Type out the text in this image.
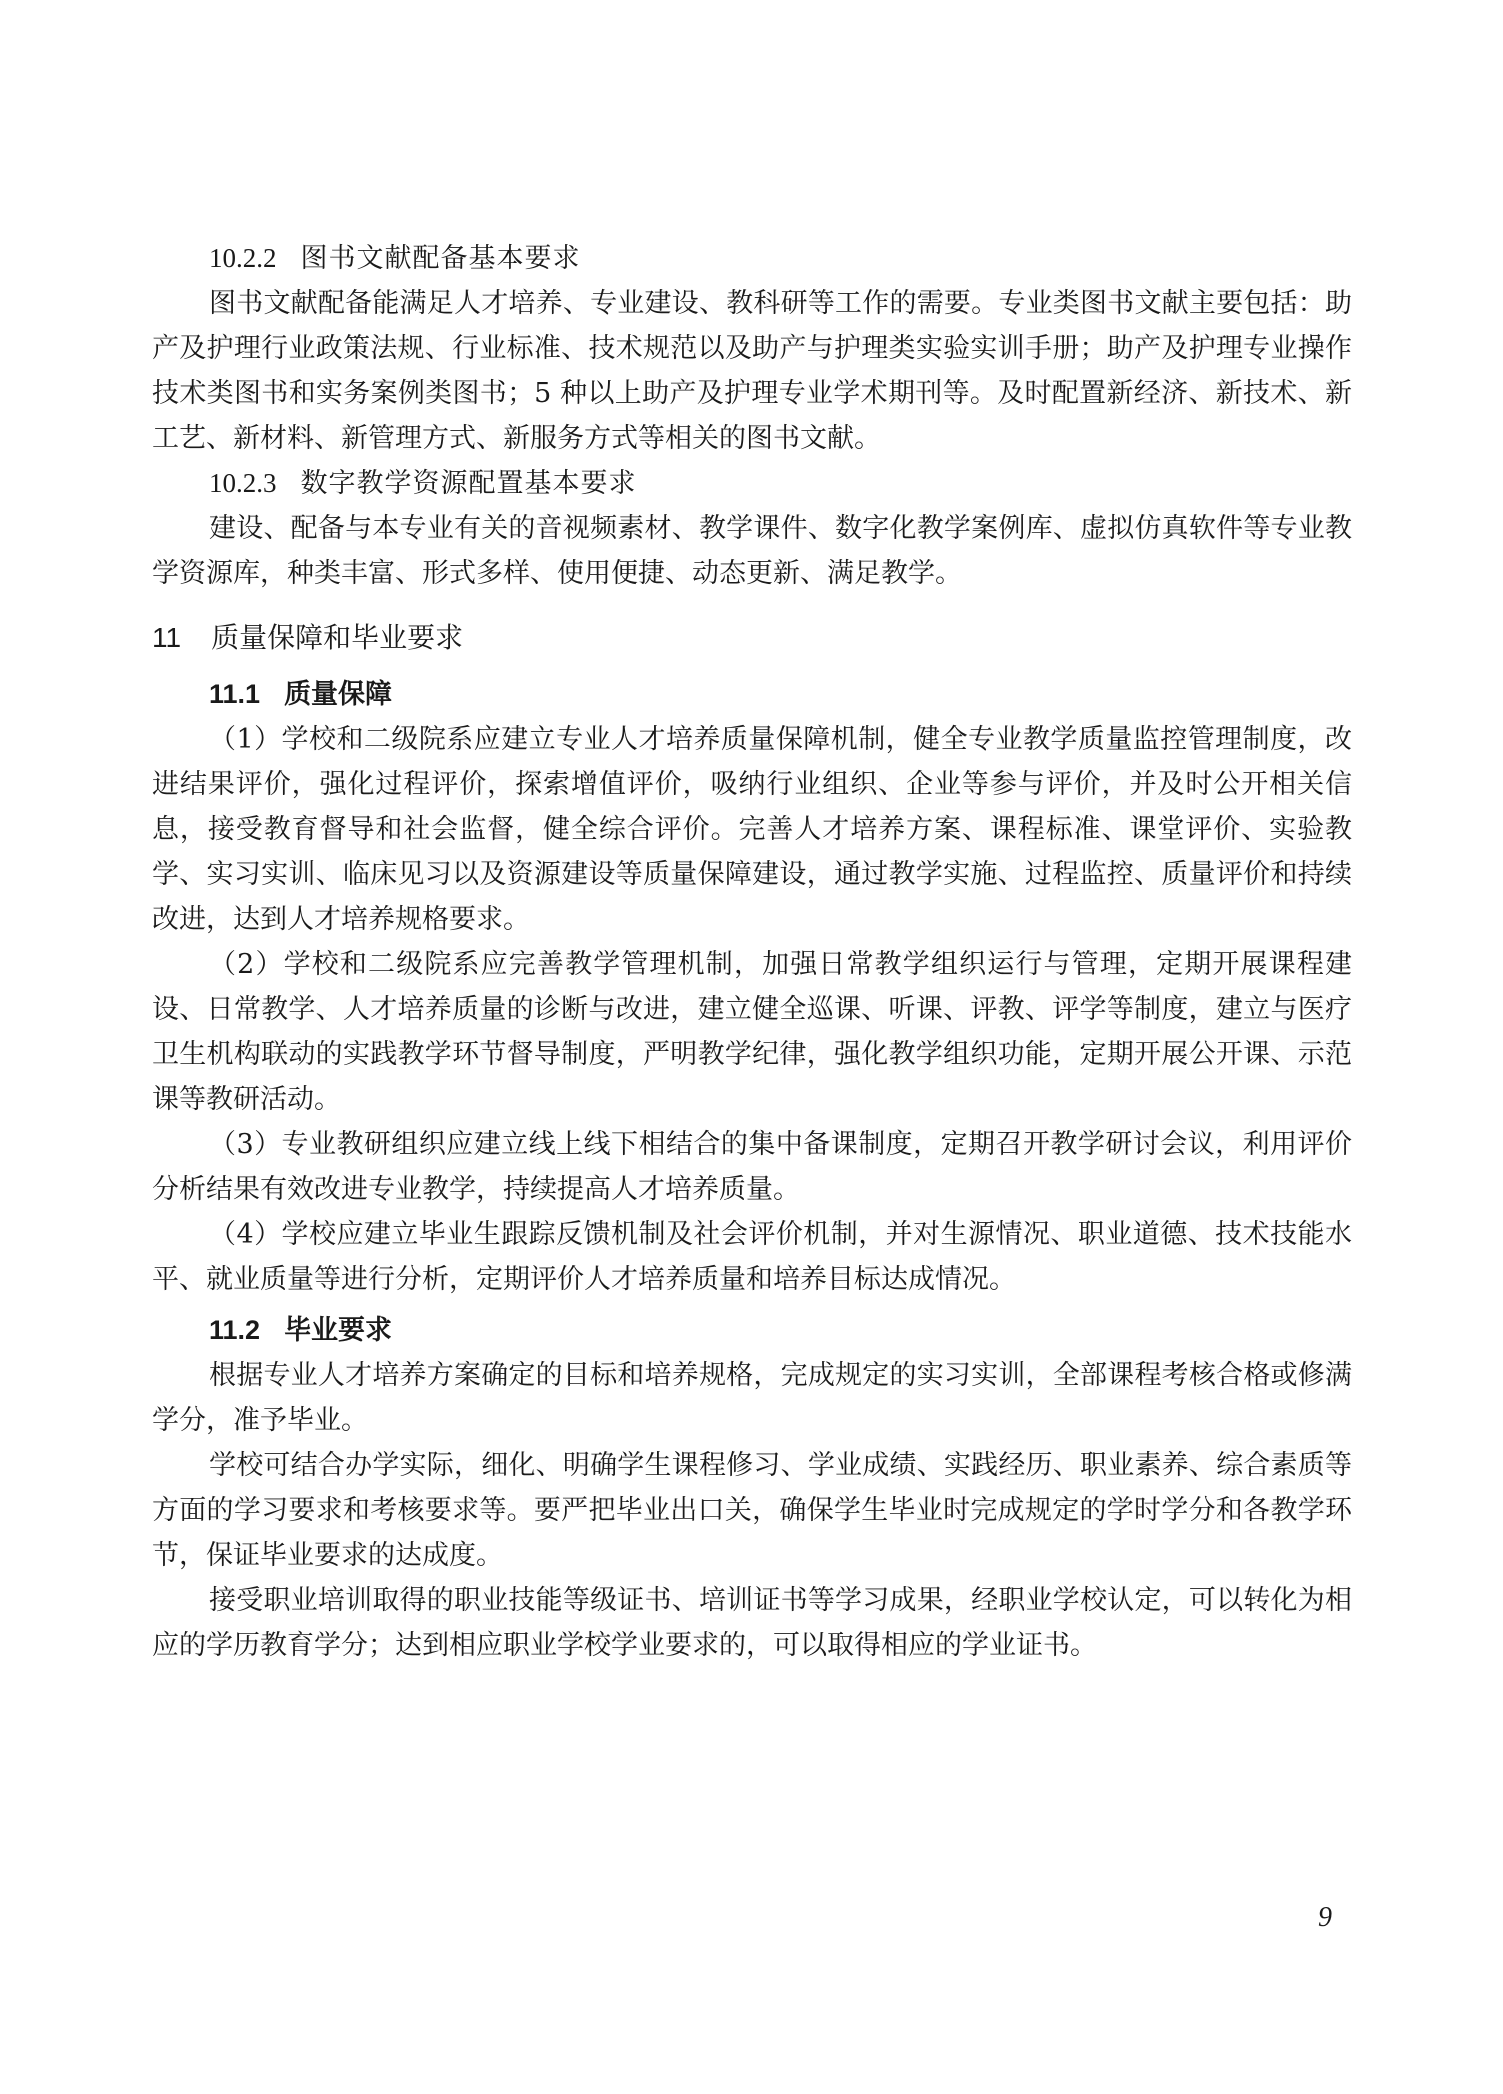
10.2.2 图书文献配备基本要求

图书文献配备能满足人才培养、专业建设、教科研等工作的需要。专业类图书文献主要包括：助产及护理行业政策法规、行业标准、技术规范以及助产与护理类实验实训手册；助产及护理专业操作技术类图书和实务案例类图书；5 种以上助产及护理专业学术期刊等。及时配置新经济、新技术、新工艺、新材料、新管理方式、新服务方式等相关的图书文献。

10.2.3 数字教学资源配置基本要求

建设、配备与本专业有关的音视频素材、教学课件、数字化教学案例库、虚拟仿真软件等专业教学资源库，种类丰富、形式多样、使用便捷、动态更新、满足教学。

11 质量保障和毕业要求
11.1 质量保障

（1）学校和二级院系应建立专业人才培养质量保障机制，健全专业教学质量监控管理制度，改进结果评价，强化过程评价，探索增值评价，吸纳行业组织、企业等参与评价，并及时公开相关信息，接受教育督导和社会监督，健全综合评价。完善人才培养方案、课程标准、课堂评价、实验教学、实习实训、临床见习以及资源建设等质量保障建设，通过教学实施、过程监控、质量评价和持续改进，达到人才培养规格要求。

（2）学校和二级院系应完善教学管理机制，加强日常教学组织运行与管理，定期开展课程建设、日常教学、人才培养质量的诊断与改进，建立健全巡课、听课、评教、评学等制度，建立与医疗卫生机构联动的实践教学环节督导制度，严明教学纪律，强化教学组织功能，定期开展公开课、示范课等教研活动。

（3）专业教研组织应建立线上线下相结合的集中备课制度，定期召开教学研讨会议，利用评价分析结果有效改进专业教学，持续提高人才培养质量。

（4）学校应建立毕业生跟踪反馈机制及社会评价机制，并对生源情况、职业道德、技术技能水平、就业质量等进行分析，定期评价人才培养质量和培养目标达成情况。

11.2 毕业要求

根据专业人才培养方案确定的目标和培养规格，完成规定的实习实训，全部课程考核合格或修满学分，准予毕业。

学校可结合办学实际，细化、明确学生课程修习、学业成绩、实践经历、职业素养、综合素质等方面的学习要求和考核要求等。要严把毕业出口关，确保学生毕业时完成规定的学时学分和各教学环节，保证毕业要求的达成度。

接受职业培训取得的职业技能等级证书、培训证书等学习成果，经职业学校认定，可以转化为相应的学历教育学分；达到相应职业学校学业要求的，可以取得相应的学业证书。

9
